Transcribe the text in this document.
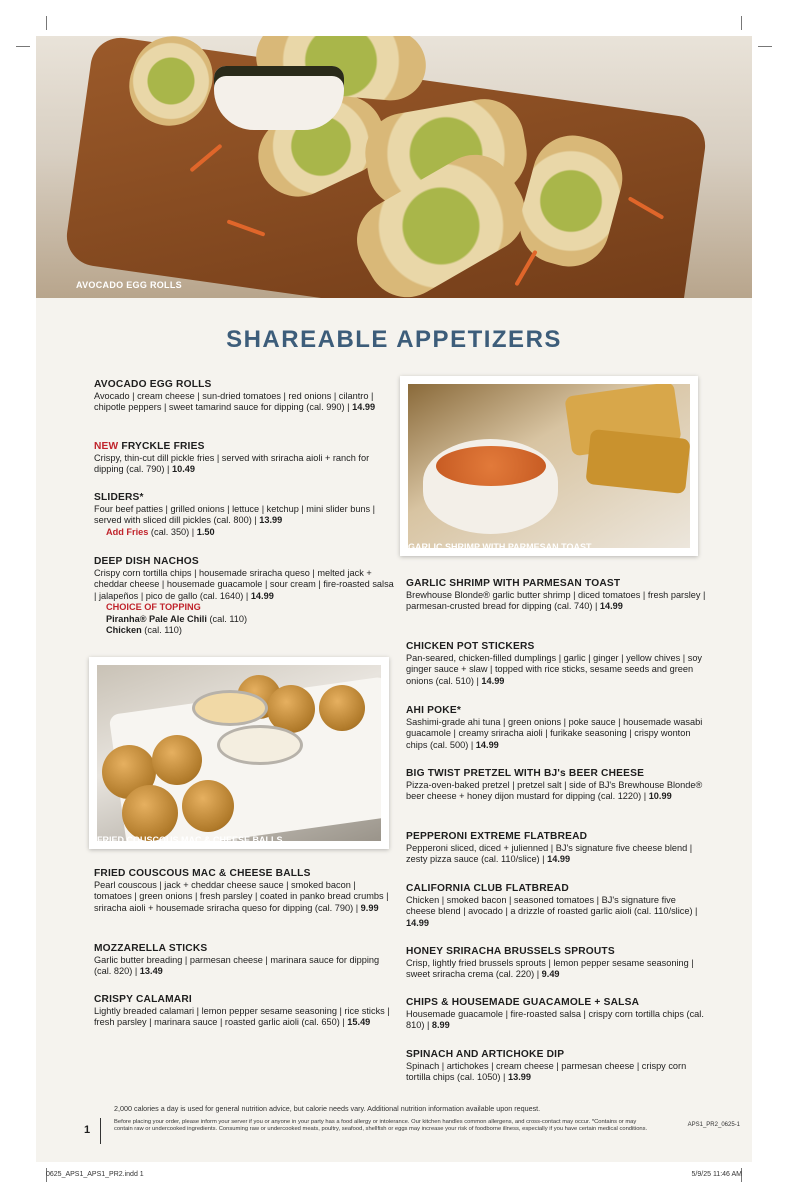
AVOCADO EGG ROLLS
SHAREABLE APPETIZERS
AVOCADO EGG ROLLS

Avocado | cream cheese | sun-dried tomatoes | red onions | cilantro | chipotle peppers | sweet tamarind sauce for dipping (cal. 990) | 14.99

NEW FRYCKLE FRIES

Crispy, thin-cut dill pickle fries | served with sriracha aioli + ranch for dipping (cal. 790) | 10.49

SLIDERS*

Four beef patties | grilled onions | lettuce | ketchup | mini slider buns | served with sliced dill pickles (cal. 800) | 13.99

Add Fries (cal. 350) | 1.50

DEEP DISH NACHOS

Crispy corn tortilla chips | housemade sriracha queso | melted jack + cheddar cheese | housemade guacamole | sour cream | fire-roasted salsa | jalapeños | pico de gallo (cal. 1640) | 14.99

CHOICE OF TOPPING

Piranha® Pale Ale Chili (cal. 110)

Chicken (cal. 110)

FRIED COUSCOUS MAC & CHEESE BALLS
FRIED COUSCOUS MAC & CHEESE BALLS

Pearl couscous | jack + cheddar cheese sauce | smoked bacon | tomatoes | green onions | fresh parsley | coated in panko bread crumbs | sriracha aioli + housemade sriracha queso for dipping (cal. 790) | 9.99

MOZZARELLA STICKS

Garlic butter breading | parmesan cheese | marinara sauce for dipping (cal. 820) | 13.49

CRISPY CALAMARI

Lightly breaded calamari | lemon pepper sesame seasoning | rice sticks | fresh parsley | marinara sauce | roasted garlic aioli (cal. 650) | 15.49

GARLIC SHRIMP WITH PARMESAN TOAST
GARLIC SHRIMP WITH PARMESAN TOAST

Brewhouse Blonde® garlic butter shrimp | diced tomatoes | fresh parsley | parmesan-crusted bread for dipping (cal. 740) | 14.99

CHICKEN POT STICKERS

Pan-seared, chicken-filled dumplings | garlic | ginger | yellow chives | soy ginger sauce + slaw | topped with rice sticks, sesame seeds and green onions (cal. 510) | 14.99

AHI POKE*

Sashimi-grade ahi tuna | green onions | poke sauce | housemade wasabi guacamole | creamy sriracha aioli | furikake seasoning | crispy wonton chips (cal. 500) | 14.99

BIG TWIST PRETZEL WITH BJ's BEER CHEESE

Pizza-oven-baked pretzel | pretzel salt | side of BJ's Brewhouse Blonde® beer cheese + honey dijon mustard for dipping (cal. 1220) | 10.99

PEPPERONI EXTREME FLATBREAD

Pepperoni sliced, diced + julienned | BJ's signature five cheese blend | zesty pizza sauce (cal. 110/slice) | 14.99

CALIFORNIA CLUB FLATBREAD

Chicken | smoked bacon | seasoned tomatoes | BJ's signature five cheese blend | avocado | a drizzle of roasted garlic aioli (cal. 110/slice) | 14.99

HONEY SRIRACHA BRUSSELS SPROUTS

Crisp, lightly fried brussels sprouts | lemon pepper sesame seasoning | sweet sriracha crema (cal. 220) | 9.49

CHIPS & HOUSEMADE GUACAMOLE + SALSA

Housemade guacamole | fire-roasted salsa | crispy corn tortilla chips (cal. 810) | 8.99

SPINACH AND ARTICHOKE DIP

Spinach | artichokes | cream cheese | parmesan cheese | crispy corn tortilla chips (cal. 1050) | 13.99

2,000 calories a day is used for general nutrition advice, but calorie needs vary. Additional nutrition information available upon request.
1
Before placing your order, please inform your server if you or anyone in your party has a food allergy or intolerance. Our kitchen handles common allergens, and cross-contact may occur. *Contains or may contain raw or undercooked ingredients. Consuming raw or undercooked meats, poultry, seafood, shellfish or eggs may increase your risk of foodborne illness, especially if you have certain medical conditions.
APS1_PR2_0625-1
0625_APS1_APS1_PR2.indd 1	5/9/25 11:46 AM
